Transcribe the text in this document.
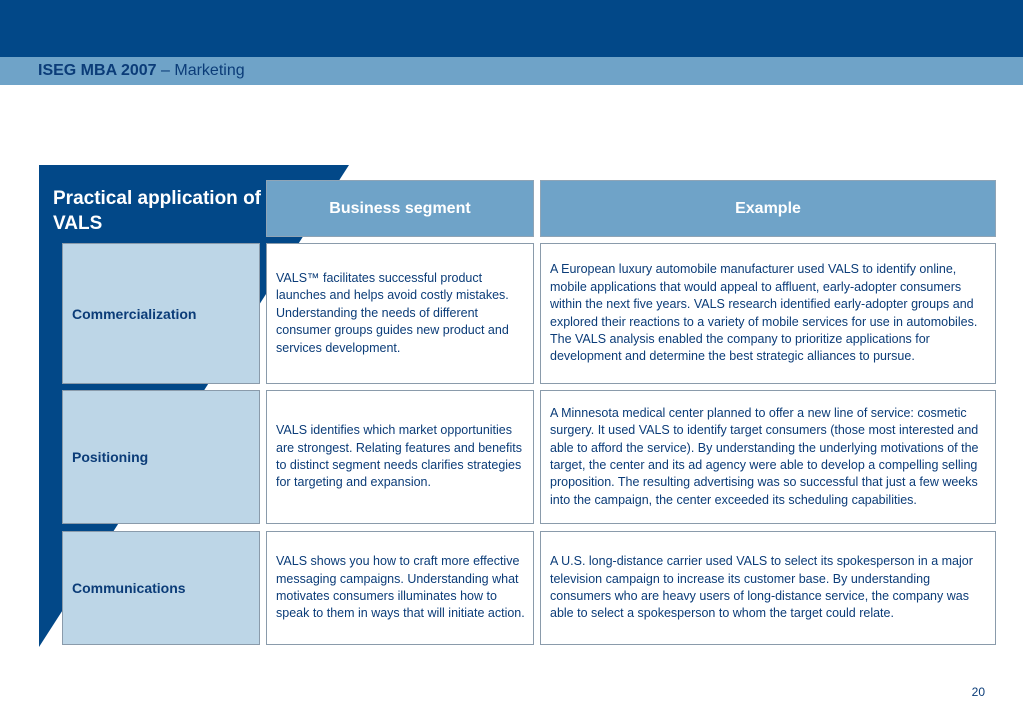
ISEG MBA 2007 – Marketing
Practical application of VALS
Business segment	Example
Commercialization
VALS™ facilitates successful product launches and helps avoid costly mistakes. Understanding the needs of different consumer groups guides new product and services development.
A European luxury automobile manufacturer used VALS to identify online, mobile applications that would appeal to affluent, early-adopter consumers within the next five years. VALS research identified early-adopter groups and explored their reactions to a variety of mobile services for use in automobiles. The VALS analysis enabled the company to prioritize applications for development and determine the best strategic alliances to pursue.
Positioning
VALS identifies which market opportunities are strongest. Relating features and benefits to distinct segment needs clarifies strategies for targeting and expansion.
A Minnesota medical center planned to offer a new line of service: cosmetic surgery. It used VALS to identify target consumers (those most interested and able to afford the service). By understanding the underlying motivations of the target, the center and its ad agency were able to develop a compelling selling proposition. The resulting advertising was so successful that just a few weeks into the campaign, the center exceeded its scheduling capabilities.
Communications
VALS shows you how to craft more effective messaging campaigns. Understanding what motivates consumers illuminates how to speak to them in ways that will initiate action.
A U.S. long-distance carrier used VALS to select its spokesperson in a major television campaign to increase its customer base. By understanding consumers who are heavy users of long-distance service, the company was able to select a spokesperson to whom the target could relate.
20
